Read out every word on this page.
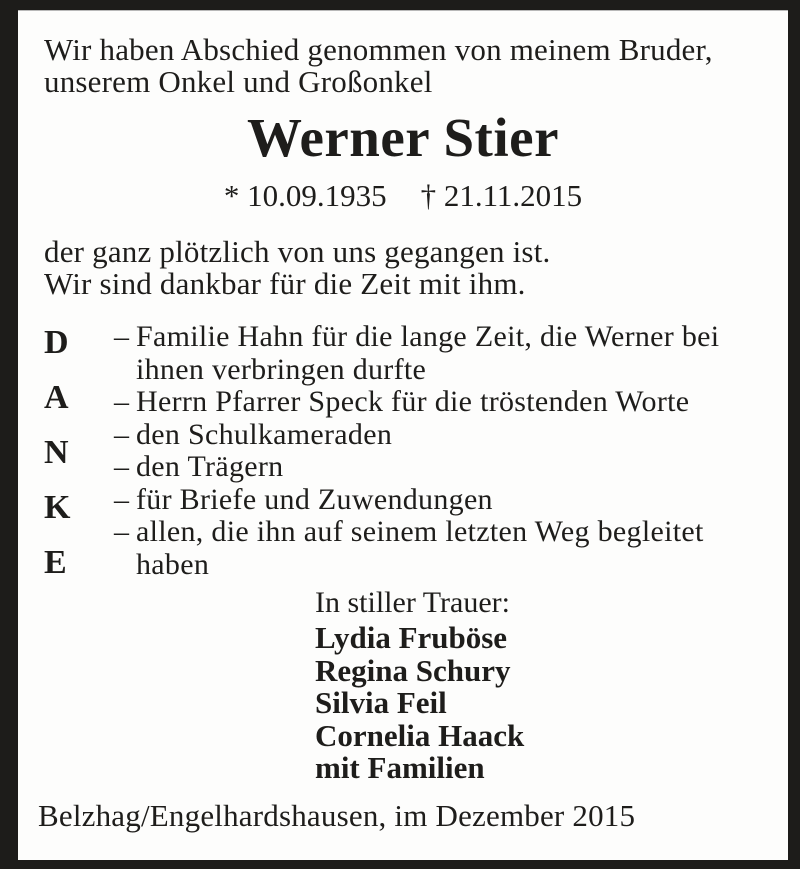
Wir haben Abschied genommen von meinem Bruder,
unserem Onkel und Großonkel

Werner Stier

* 10.09.1935 † 21.11.2015

der ganz plötzlich von uns gegangen ist.
Wir sind dankbar für die Zeit mit ihm.

D
A
N
K
E
– Familie Hahn für die lange Zeit, die Werner bei ihnen verbringen durfte
– Herrn Pfarrer Speck für die tröstenden Worte
– den Schulkameraden
– den Trägern
– für Briefe und Zuwendungen
– allen, die ihn auf seinem letzten Weg begleitet haben

In stiller Trauer:

Lydia Fruböse
Regina Schury
Silvia Feil
Cornelia Haack
mit Familien

Belzhag/Engelhardshausen, im Dezember 2015
